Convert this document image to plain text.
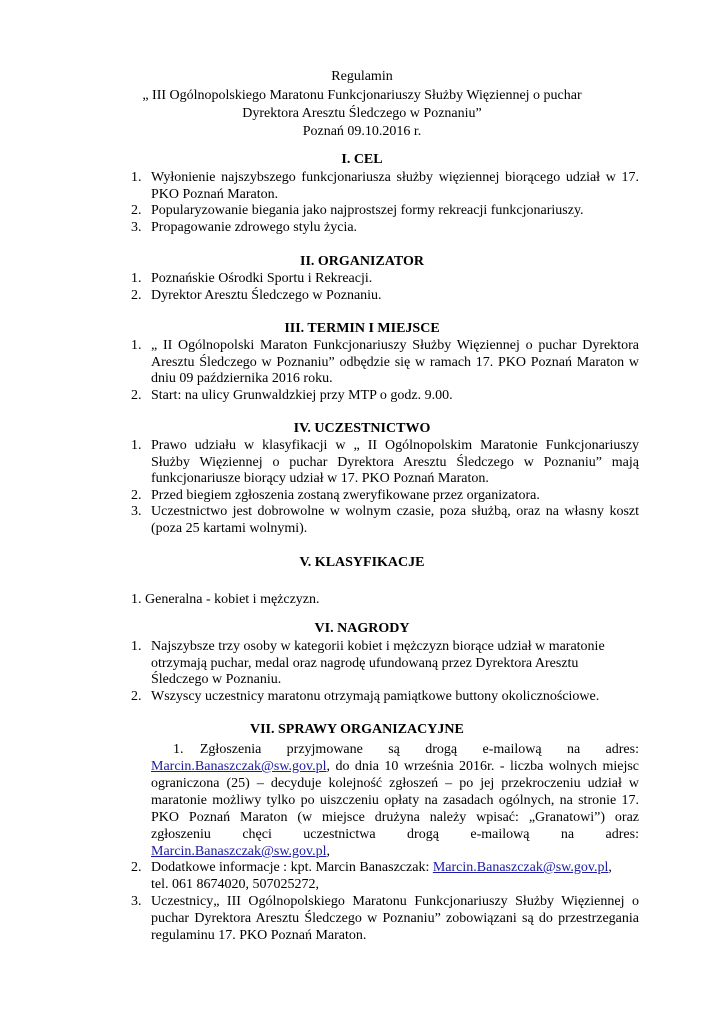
Regulamin
„ III Ogólnopolskiego Maratonu Funkcjonariuszy Służby Więziennej o puchar
Dyrektora Aresztu Śledczego w Poznaniu”
Poznań 09.10.2016 r.
I. CEL
1. Wyłonienie najszybszego funkcjonariusza służby więziennej biorącego udział w 17. PKO Poznań Maraton.
2. Popularyzowanie biegania jako najprostszej formy rekreacji funkcjonariuszy.
3. Propagowanie zdrowego stylu życia.
II. ORGANIZATOR
1. Poznańskie Ośrodki Sportu i Rekreacji.
2. Dyrektor Aresztu Śledczego w Poznaniu.
III. TERMIN I MIEJSCE
1. „ II Ogólnopolski Maraton Funkcjonariuszy Służby Więziennej o puchar Dyrektora Aresztu Śledczego w Poznaniu” odbędzie się w ramach 17. PKO Poznań Maraton w dniu 09 października 2016 roku.
2. Start: na ulicy Grunwaldzkiej przy MTP o godz. 9.00.
IV. UCZESTNICTWO
1. Prawo udziału w klasyfikacji w „ II Ogólnopolskim Maratonie Funkcjonariuszy Służby Więziennej o puchar Dyrektora Aresztu Śledczego w Poznaniu” mają funkcjonariusze biorący udział w 17. PKO Poznań Maraton.
2. Przed biegiem zgłoszenia zostaną zweryfikowane przez organizatora.
3. Uczestnictwo jest dobrowolne w wolnym czasie, poza służbą, oraz na własny koszt (poza 25 kartami wolnymi).
V. KLASYFIKACJE
1. Generalna - kobiet i mężczyzn.
VI. NAGRODY
1. Najszybsze trzy osoby w kategorii kobiet i mężczyzn biorące udział w maratonie otrzymają puchar, medal oraz nagrodę ufundowaną przez Dyrektora Aresztu Śledczego w Poznaniu.
2. Wszyscy uczestnicy maratonu otrzymają pamiątkowe buttony okolicznościowe.
VII. SPRAWY ORGANIZACYJNE
1. Zgłoszenia przyjmowane są drogą e-mailową na adres: Marcin.Banaszczak@sw.gov.pl, do dnia 10 września 2016r. - liczba wolnych miejsc ograniczona (25) – decyduje kolejność zgłoszeń – po jej przekroczeniu udział w maratonie możliwy tylko po uiszczeniu opłaty na zasadach ogólnych, na stronie 17. PKO Poznań Maraton (w miejsce drużyna należy wpisać: „Granatowi”) oraz zgłoszeniu chęci uczestnictwa drogą e-mailową na adres: Marcin.Banaszczak@sw.gov.pl,
2. Dodatkowe informacje : kpt. Marcin Banaszczak: Marcin.Banaszczak@sw.gov.pl,
tel. 061 8674020, 507025272,
3. Uczestnicy„ III Ogólnopolskiego Maratonu Funkcjonariuszy Służby Więziennej o puchar Dyrektora Aresztu Śledczego w Poznaniu” zobowiązani są do przestrzegania regulaminu 17. PKO Poznań Maraton.
